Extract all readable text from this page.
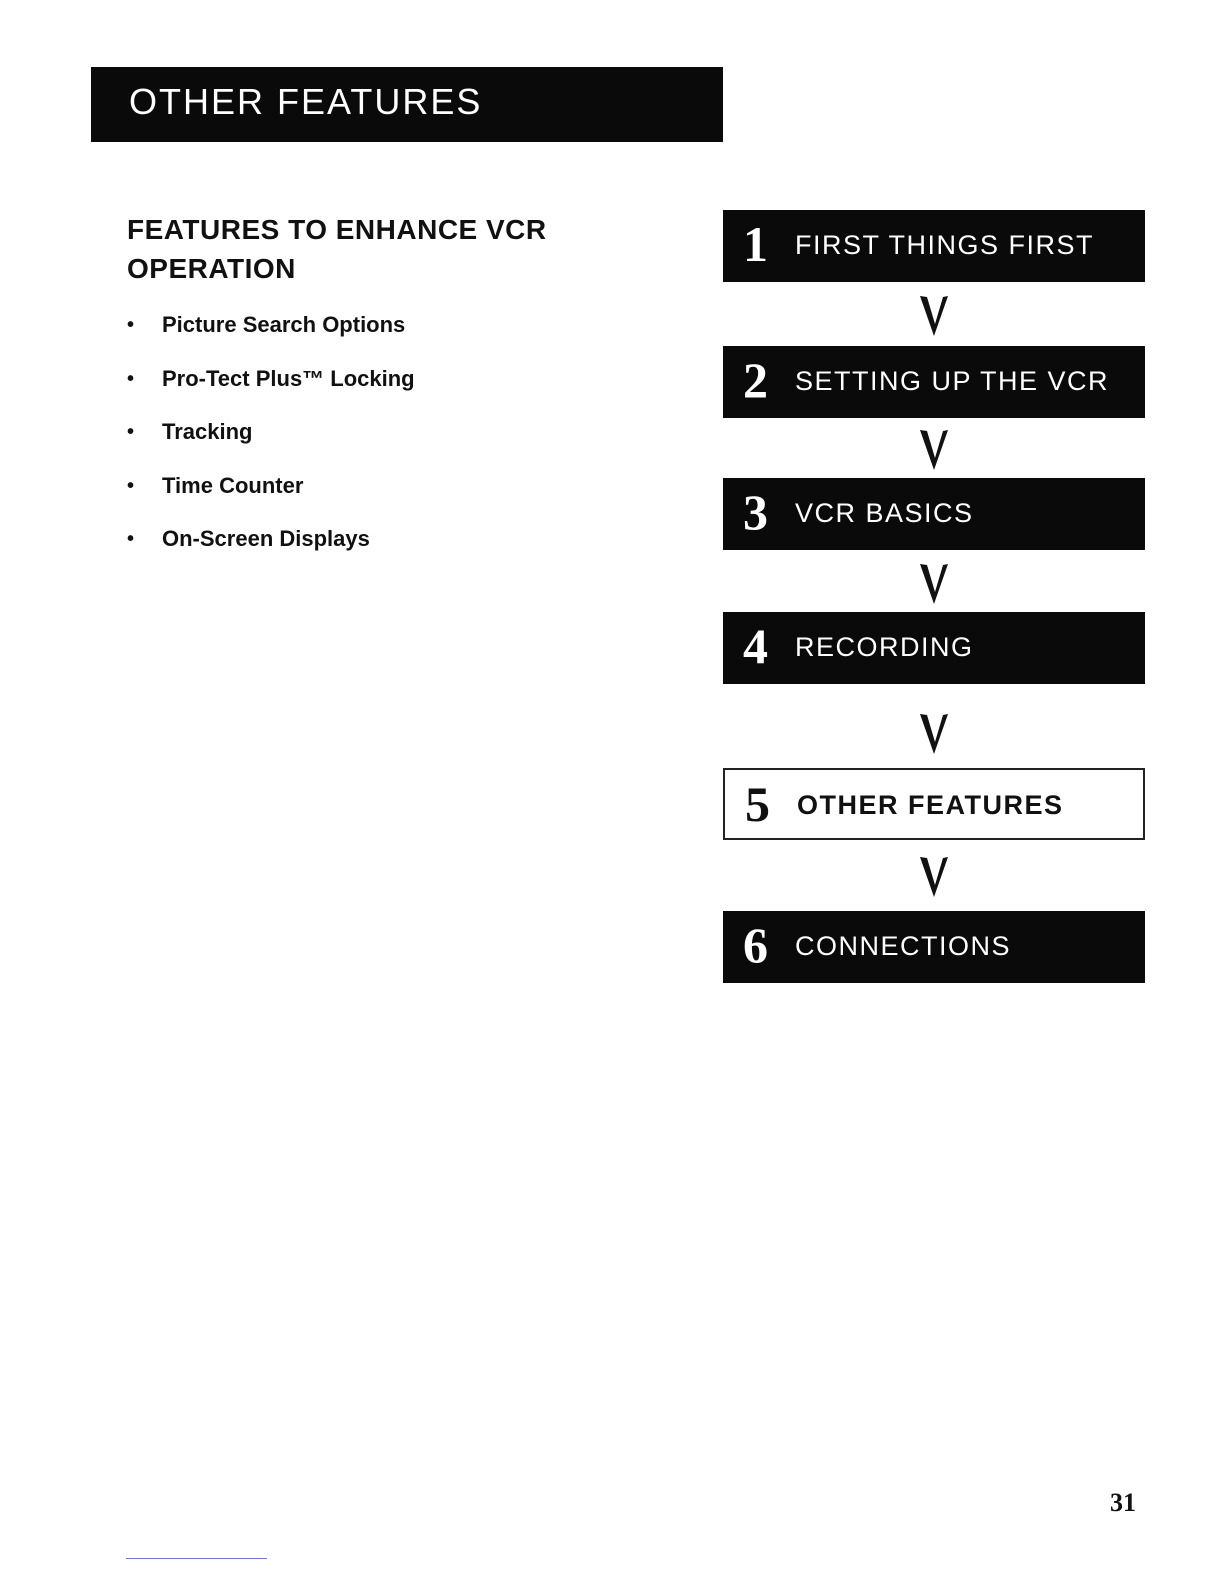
OTHER FEATURES
FEATURES TO ENHANCE VCR OPERATION
• Picture Search Options
• Pro-Tect Plus™ Locking
• Tracking
• Time Counter
• On-Screen Displays
1 FIRST THINGS FIRST
2 SETTING UP THE VCR
3 VCR BASICS
4 RECORDING
5 OTHER FEATURES
6 CONNECTIONS
31
